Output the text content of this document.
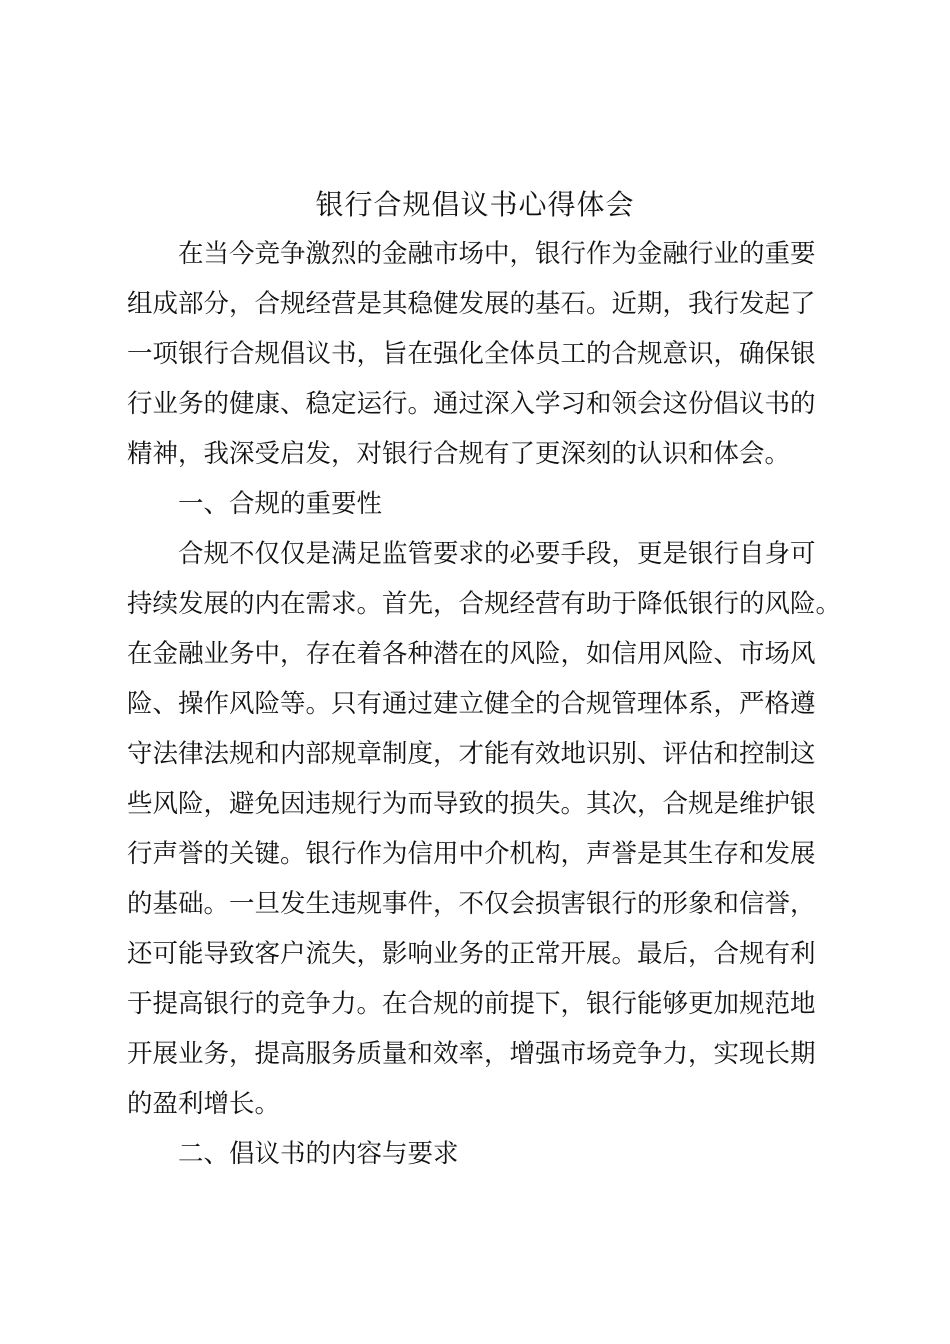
银行合规倡议书心得体会
在当今竞争激烈的金融市场中，银行作为金融行业的重要
组成部分，合规经营是其稳健发展的基石。近期，我行发起了
一项银行合规倡议书，旨在强化全体员工的合规意识，确保银
行业务的健康、稳定运行。通过深入学习和领会这份倡议书的
精神，我深受启发，对银行合规有了更深刻的认识和体会。
一、合规的重要性
合规不仅仅是满足监管要求的必要手段，更是银行自身可
持续发展的内在需求。首先，合规经营有助于降低银行的风险。
在金融业务中，存在着各种潜在的风险，如信用风险、市场风
险、操作风险等。只有通过建立健全的合规管理体系，严格遵
守法律法规和内部规章制度，才能有效地识别、评估和控制这
些风险，避免因违规行为而导致的损失。其次，合规是维护银
行声誉的关键。银行作为信用中介机构，声誉是其生存和发展
的基础。一旦发生违规事件，不仅会损害银行的形象和信誉，
还可能导致客户流失，影响业务的正常开展。最后，合规有利
于提高银行的竞争力。在合规的前提下，银行能够更加规范地
开展业务，提高服务质量和效率，增强市场竞争力，实现长期
的盈利增长。
二、倡议书的内容与要求
